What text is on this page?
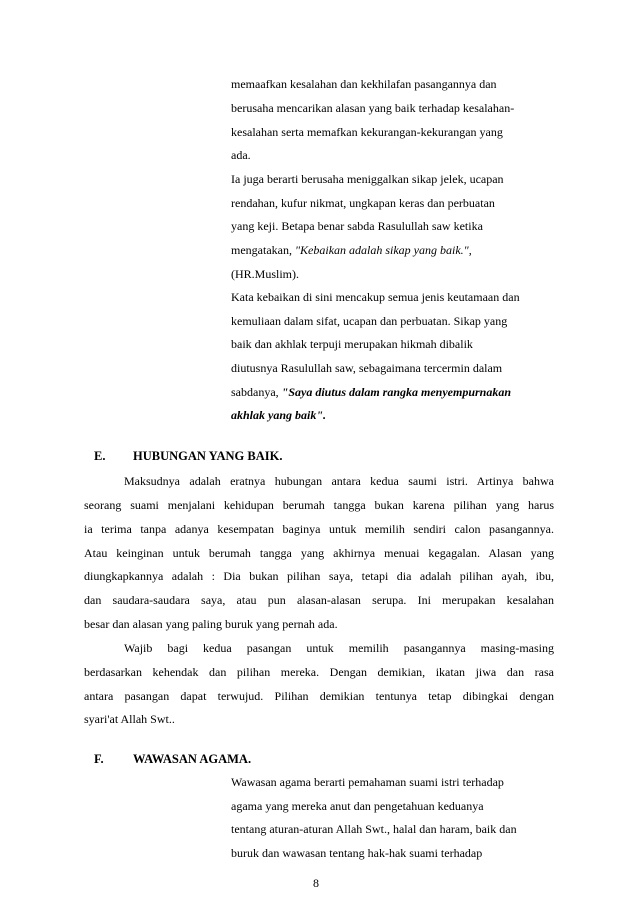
memaafkan kesalahan dan kekhilafan pasangannya dan
berusaha mencarikan alasan yang baik terhadap kesalahan-
kesalahan serta memafkan kekurangan-kekurangan yang
ada.
Ia juga berarti berusaha meniggalkan sikap jelek, ucapan
rendahan, kufur nikmat, ungkapan keras dan perbuatan
yang keji. Betapa benar sabda Rasulullah saw ketika
mengatakan, "Kebaikan adalah sikap yang baik.",
(HR.Muslim).
Kata kebaikan di sini mencakup semua jenis keutamaan dan
kemuliaan dalam sifat, ucapan dan perbuatan. Sikap yang
baik dan akhlak terpuji merupakan hikmah dibalik
diutusnya Rasulullah saw, sebagaimana tercermin dalam
sabdanya, "Saya diutus dalam rangka menyempurnakan
akhlak yang baik".
E. HUBUNGAN YANG BAIK.
Maksudnya adalah eratnya hubungan antara kedua saumi istri. Artinya bahwa
seorang suami menjalani kehidupan berumah tangga bukan karena pilihan yang harus
ia terima tanpa adanya kesempatan baginya untuk memilih sendiri calon pasangannya.
Atau keinginan untuk berumah tangga yang akhirnya menuai kegagalan. Alasan yang
diungkapkannya adalah : Dia bukan pilihan saya, tetapi dia adalah pilihan ayah, ibu,
dan saudara-saudara saya, atau pun alasan-alasan serupa. Ini merupakan kesalahan
besar dan alasan yang paling buruk yang pernah ada.
Wajib bagi kedua pasangan untuk memilih pasangannya masing-masing
berdasarkan kehendak dan pilihan mereka. Dengan demikian, ikatan jiwa dan rasa
antara pasangan dapat terwujud. Pilihan demikian tentunya tetap dibingkai dengan
syari'at Allah Swt..
F. WAWASAN AGAMA.
Wawasan agama berarti pemahaman suami istri terhadap
agama yang mereka anut dan pengetahuan keduanya
tentang aturan-aturan Allah Swt., halal dan haram, baik dan
buruk dan wawasan tentang hak-hak suami terhadap
8
